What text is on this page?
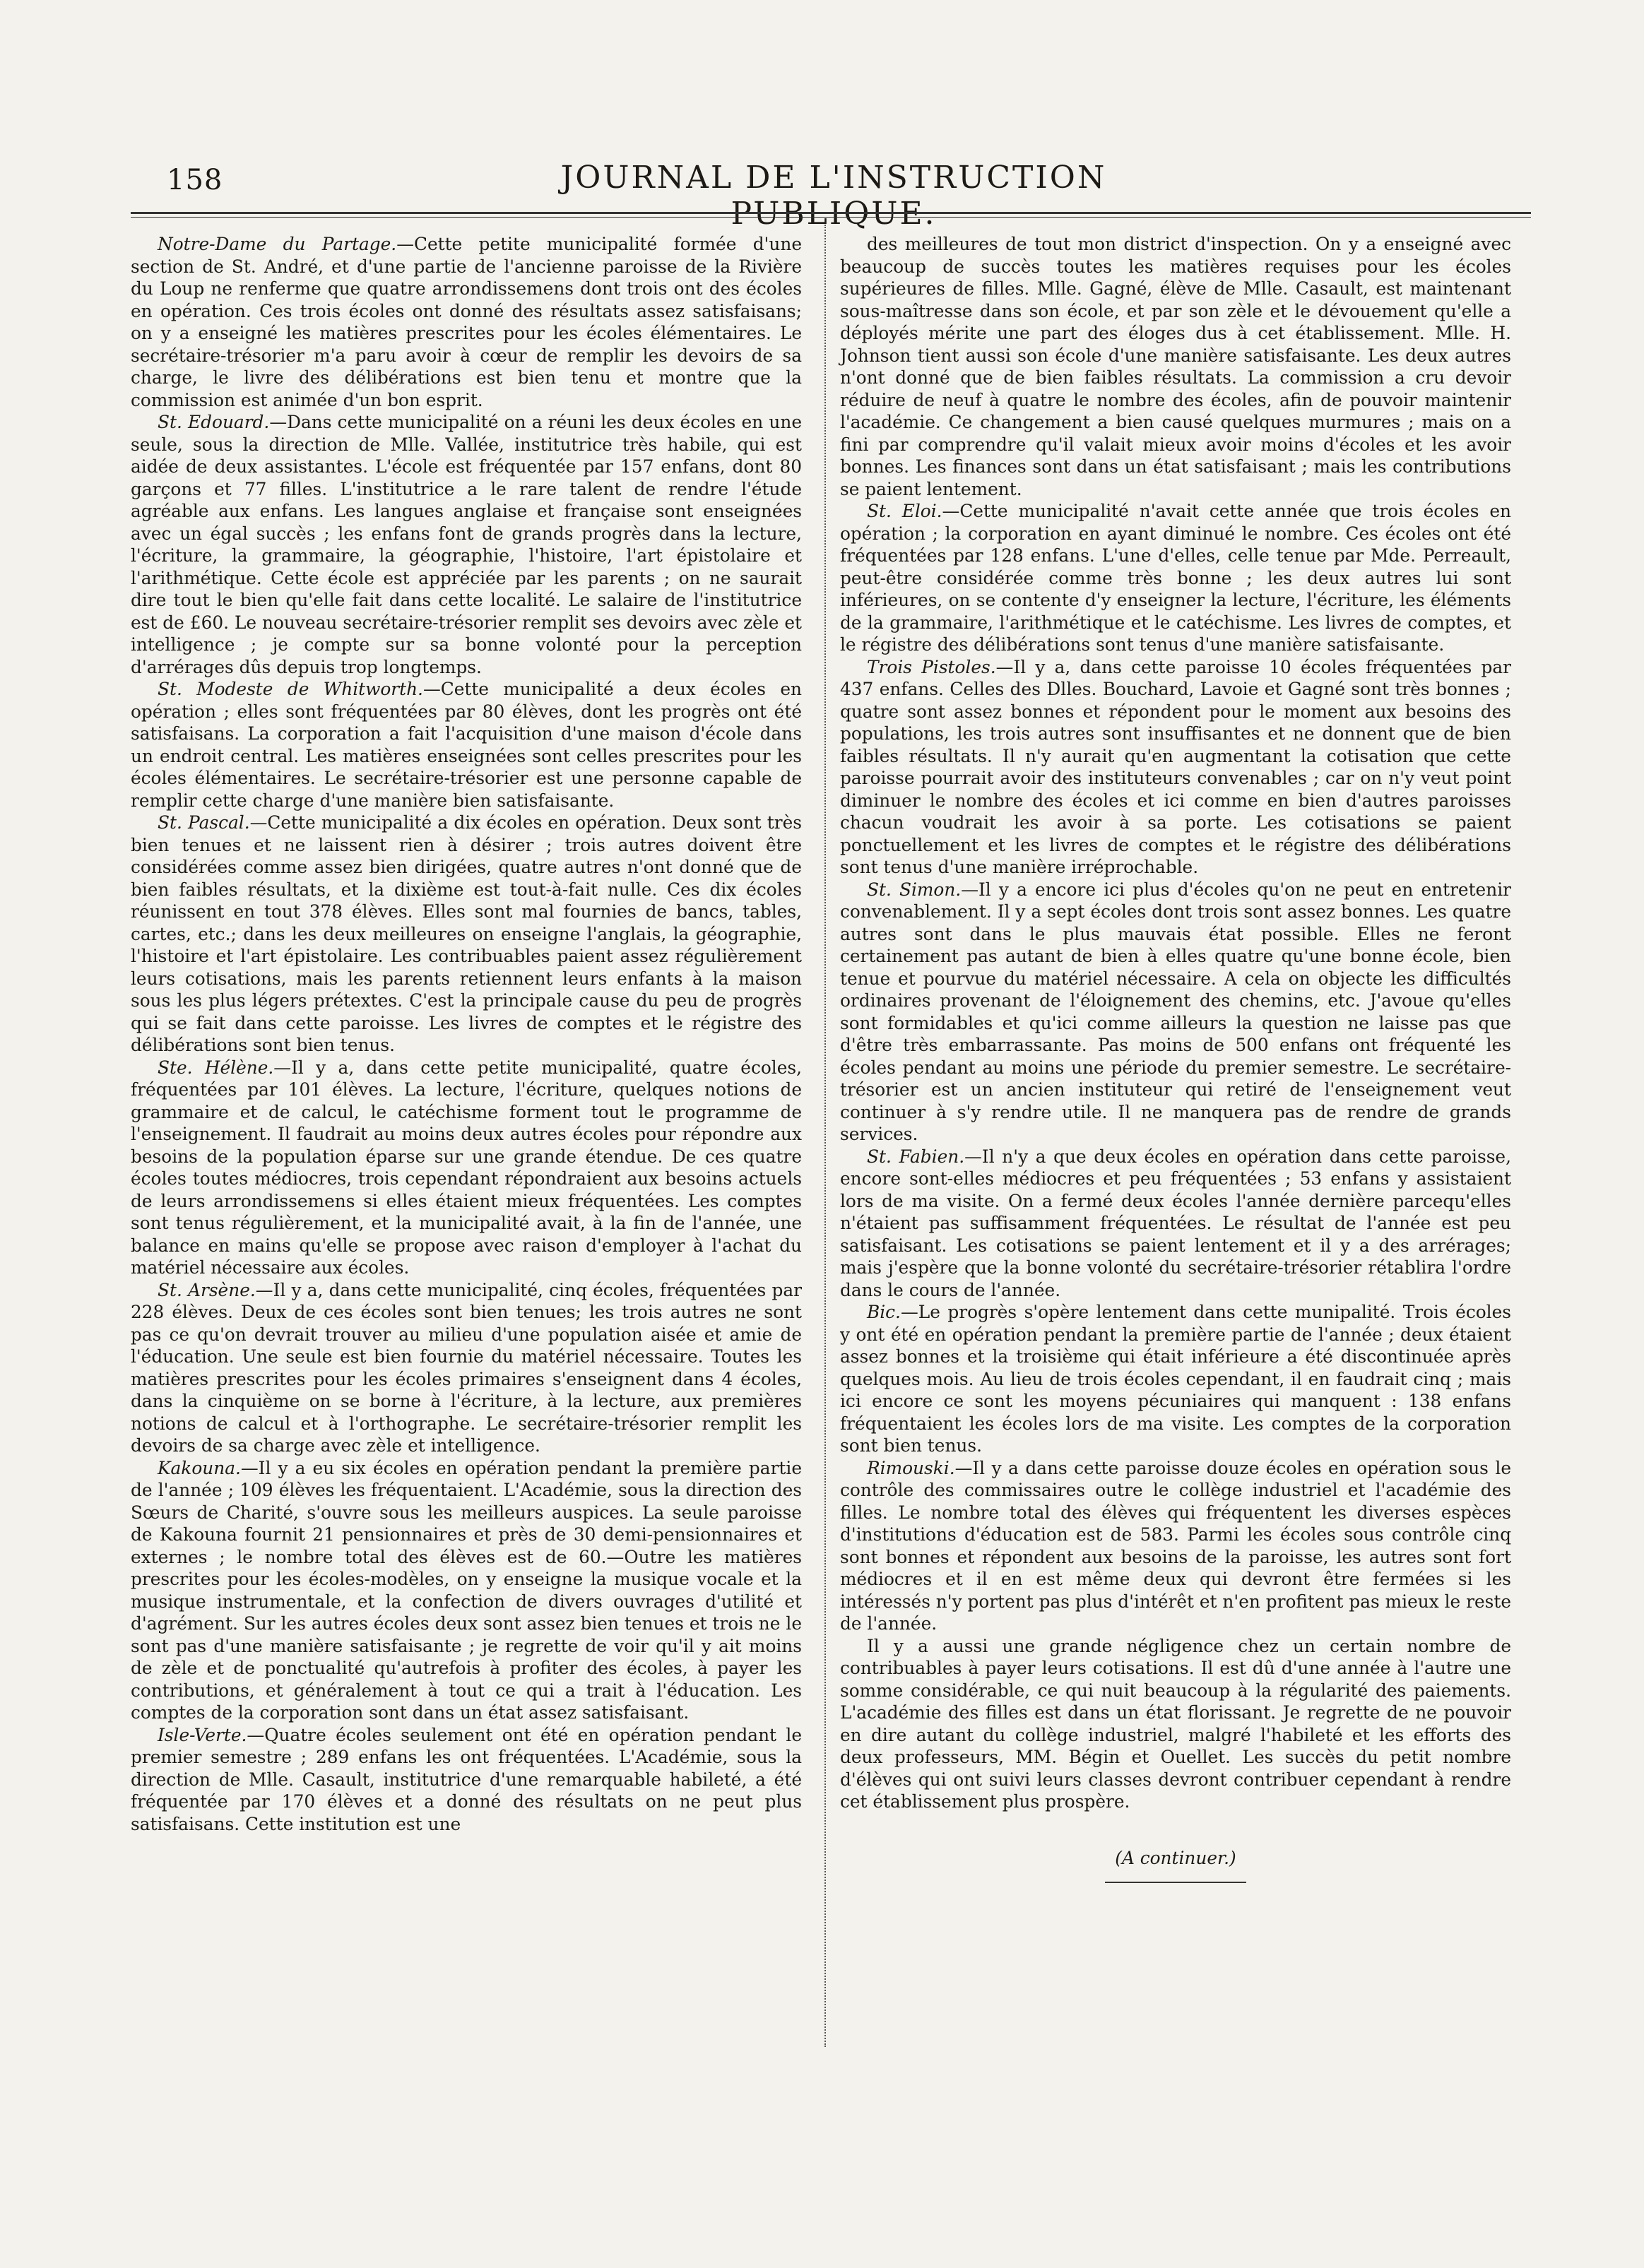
158	JOURNAL DE L'INSTRUCTION PUBLIQUE.

Notre-Dame du Partage.—Cette petite municipalité formée d'une section de St. André, et d'une partie de l'ancienne paroisse de la Rivière du Loup ne renferme que quatre arrondissemens dont trois ont des écoles en opération. Ces trois écoles ont donné des résultats assez satisfaisans; on y a enseigné les matières prescrites pour les écoles élémentaires. Le secrétaire-trésorier m'a paru avoir à cœur de remplir les devoirs de sa charge, le livre des délibérations est bien tenu et montre que la commission est animée d'un bon esprit.

St. Edouard.—Dans cette municipalité on a réuni les deux écoles en une seule, sous la direction de Mlle. Vallée, institutrice très habile, qui est aidée de deux assistantes. L'école est fréquentée par 157 enfans, dont 80 garçons et 77 filles. L'institutrice a le rare talent de rendre l'étude agréable aux enfans. Les langues anglaise et française sont enseignées avec un égal succès ; les enfans font de grands progrès dans la lecture, l'écriture, la grammaire, la géographie, l'histoire, l'art épistolaire et l'arithmétique. Cette école est appréciée par les parents ; on ne saurait dire tout le bien qu'elle fait dans cette localité. Le salaire de l'institutrice est de £60. Le nouveau secrétaire-trésorier remplit ses devoirs avec zèle et intelligence ; je compte sur sa bonne volonté pour la perception d'arrérages dûs depuis trop longtemps.

St. Modeste de Whitworth.—Cette municipalité a deux écoles en opération ; elles sont fréquentées par 80 élèves, dont les progrès ont été satisfaisans. La corporation a fait l'acquisition d'une maison d'école dans un endroit central. Les matières enseignées sont celles prescrites pour les écoles élémentaires. Le secrétaire-trésorier est une personne capable de remplir cette charge d'une manière bien satisfaisante.

St. Pascal.—Cette municipalité a dix écoles en opération. Deux sont très bien tenues et ne laissent rien à désirer ; trois autres doivent être considérées comme assez bien dirigées, quatre autres n'ont donné que de bien faibles résultats, et la dixième est tout-à-fait nulle. Ces dix écoles réunissent en tout 378 élèves. Elles sont mal fournies de bancs, tables, cartes, etc.; dans les deux meilleures on enseigne l'anglais, la géographie, l'histoire et l'art épistolaire. Les contribuables paient assez régulièrement leurs cotisations, mais les parents retiennent leurs enfants à la maison sous les plus légers prétextes. C'est la principale cause du peu de progrès qui se fait dans cette paroisse. Les livres de comptes et le régistre des délibérations sont bien tenus.

Ste. Hélène.—Il y a, dans cette petite municipalité, quatre écoles, fréquentées par 101 élèves. La lecture, l'écriture, quelques notions de grammaire et de calcul, le catéchisme forment tout le programme de l'enseignement. Il faudrait au moins deux autres écoles pour répondre aux besoins de la population éparse sur une grande étendue. De ces quatre écoles toutes médiocres, trois cependant répondraient aux besoins actuels de leurs arrondissemens si elles étaient mieux fréquentées. Les comptes sont tenus régulièrement, et la municipalité avait, à la fin de l'année, une balance en mains qu'elle se propose avec raison d'employer à l'achat du matériel nécessaire aux écoles.

St. Arsène.—Il y a, dans cette municipalité, cinq écoles, fréquentées par 228 élèves. Deux de ces écoles sont bien tenues; les trois autres ne sont pas ce qu'on devrait trouver au milieu d'une population aisée et amie de l'éducation. Une seule est bien fournie du matériel nécessaire. Toutes les matières prescrites pour les écoles primaires s'enseignent dans 4 écoles, dans la cinquième on se borne à l'écriture, à la lecture, aux premières notions de calcul et à l'orthographe. Le secrétaire-trésorier remplit les devoirs de sa charge avec zèle et intelligence.

Kakouna.—Il y a eu six écoles en opération pendant la première partie de l'année ; 109 élèves les fréquentaient. L'Académie, sous la direction des Sœurs de Charité, s'ouvre sous les meilleurs auspices. La seule paroisse de Kakouna fournit 21 pensionnaires et près de 30 demi-pensionnaires et externes ; le nombre total des élèves est de 60.—Outre les matières prescrites pour les écoles-modèles, on y enseigne la musique vocale et la musique instrumentale, et la confection de divers ouvrages d'utilité et d'agrément. Sur les autres écoles deux sont assez bien tenues et trois ne le sont pas d'une manière satisfaisante ; je regrette de voir qu'il y ait moins de zèle et de ponctualité qu'autrefois à profiter des écoles, à payer les contributions, et généralement à tout ce qui a trait à l'éducation. Les comptes de la corporation sont dans un état assez satisfaisant.

Isle-Verte.—Quatre écoles seulement ont été en opération pendant le premier semestre ; 289 enfans les ont fréquentées. L'Académie, sous la direction de Mlle. Casault, institutrice d'une remarquable habileté, a été fréquentée par 170 élèves et a donné des résultats on ne peut plus satisfaisans. Cette institution est une

des meilleures de tout mon district d'inspection. On y a enseigné avec beaucoup de succès toutes les matières requises pour les écoles supérieures de filles. Mlle. Gagné, élève de Mlle. Casault, est maintenant sous-maîtresse dans son école, et par son zèle et le dévouement qu'elle a déployés mérite une part des éloges dus à cet établissement. Mlle. H. Johnson tient aussi son école d'une manière satisfaisante. Les deux autres n'ont donné que de bien faibles résultats. La commission a cru devoir réduire de neuf à quatre le nombre des écoles, afin de pouvoir maintenir l'académie. Ce changement a bien causé quelques murmures ; mais on a fini par comprendre qu'il valait mieux avoir moins d'écoles et les avoir bonnes. Les finances sont dans un état satisfaisant ; mais les contributions se paient lentement.

St. Eloi.—Cette municipalité n'avait cette année que trois écoles en opération ; la corporation en ayant diminué le nombre. Ces écoles ont été fréquentées par 128 enfans. L'une d'elles, celle tenue par Mde. Perreault, peut-être considérée comme très bonne ; les deux autres lui sont inférieures, on se contente d'y enseigner la lecture, l'écriture, les éléments de la grammaire, l'arithmétique et le catéchisme. Les livres de comptes, et le régistre des délibérations sont tenus d'une manière satisfaisante.

Trois Pistoles.—Il y a, dans cette paroisse 10 écoles fréquentées par 437 enfans. Celles des Dlles. Bouchard, Lavoie et Gagné sont très bonnes ; quatre sont assez bonnes et répondent pour le moment aux besoins des populations, les trois autres sont insuffisantes et ne donnent que de bien faibles résultats. Il n'y aurait qu'en augmentant la cotisation que cette paroisse pourrait avoir des instituteurs convenables ; car on n'y veut point diminuer le nombre des écoles et ici comme en bien d'autres paroisses chacun voudrait les avoir à sa porte. Les cotisations se paient ponctuellement et les livres de comptes et le régistre des délibérations sont tenus d'une manière irréprochable.

St. Simon.—Il y a encore ici plus d'écoles qu'on ne peut en entretenir convenablement. Il y a sept écoles dont trois sont assez bonnes. Les quatre autres sont dans le plus mauvais état possible. Elles ne feront certainement pas autant de bien à elles quatre qu'une bonne école, bien tenue et pourvue du matériel nécessaire. A cela on objecte les difficultés ordinaires provenant de l'éloignement des chemins, etc. J'avoue qu'elles sont formidables et qu'ici comme ailleurs la question ne laisse pas que d'être très embarrassante. Pas moins de 500 enfans ont fréquenté les écoles pendant au moins une période du premier semestre. Le secrétaire-trésorier est un ancien instituteur qui retiré de l'enseignement veut continuer à s'y rendre utile. Il ne manquera pas de rendre de grands services.

St. Fabien.—Il n'y a que deux écoles en opération dans cette paroisse, encore sont-elles médiocres et peu fréquentées ; 53 enfans y assistaient lors de ma visite. On a fermé deux écoles l'année dernière parcequ'elles n'étaient pas suffisamment fréquentées. Le résultat de l'année est peu satisfaisant. Les cotisations se paient lentement et il y a des arrérages; mais j'espère que la bonne volonté du secrétaire-trésorier rétablira l'ordre dans le cours de l'année.

Bic.—Le progrès s'opère lentement dans cette munipalité. Trois écoles y ont été en opération pendant la première partie de l'année ; deux étaient assez bonnes et la troisième qui était inférieure a été discontinuée après quelques mois. Au lieu de trois écoles cependant, il en faudrait cinq ; mais ici encore ce sont les moyens pécuniaires qui manquent : 138 enfans fréquentaient les écoles lors de ma visite. Les comptes de la corporation sont bien tenus.

Rimouski.—Il y a dans cette paroisse douze écoles en opération sous le contrôle des commissaires outre le collège industriel et l'académie des filles. Le nombre total des élèves qui fréquentent les diverses espèces d'institutions d'éducation est de 583. Parmi les écoles sous contrôle cinq sont bonnes et répondent aux besoins de la paroisse, les autres sont fort médiocres et il en est même deux qui devront être fermées si les intéressés n'y portent pas plus d'intérêt et n'en profitent pas mieux le reste de l'année.

Il y a aussi une grande négligence chez un certain nombre de contribuables à payer leurs cotisations. Il est dû d'une année à l'autre une somme considérable, ce qui nuit beaucoup à la régularité des paiements. L'académie des filles est dans un état florissant. Je regrette de ne pouvoir en dire autant du collège industriel, malgré l'habileté et les efforts des deux professeurs, MM. Bégin et Ouellet. Les succès du petit nombre d'élèves qui ont suivi leurs classes devront contribuer cependant à rendre cet établissement plus prospère.

(A continuer.)
